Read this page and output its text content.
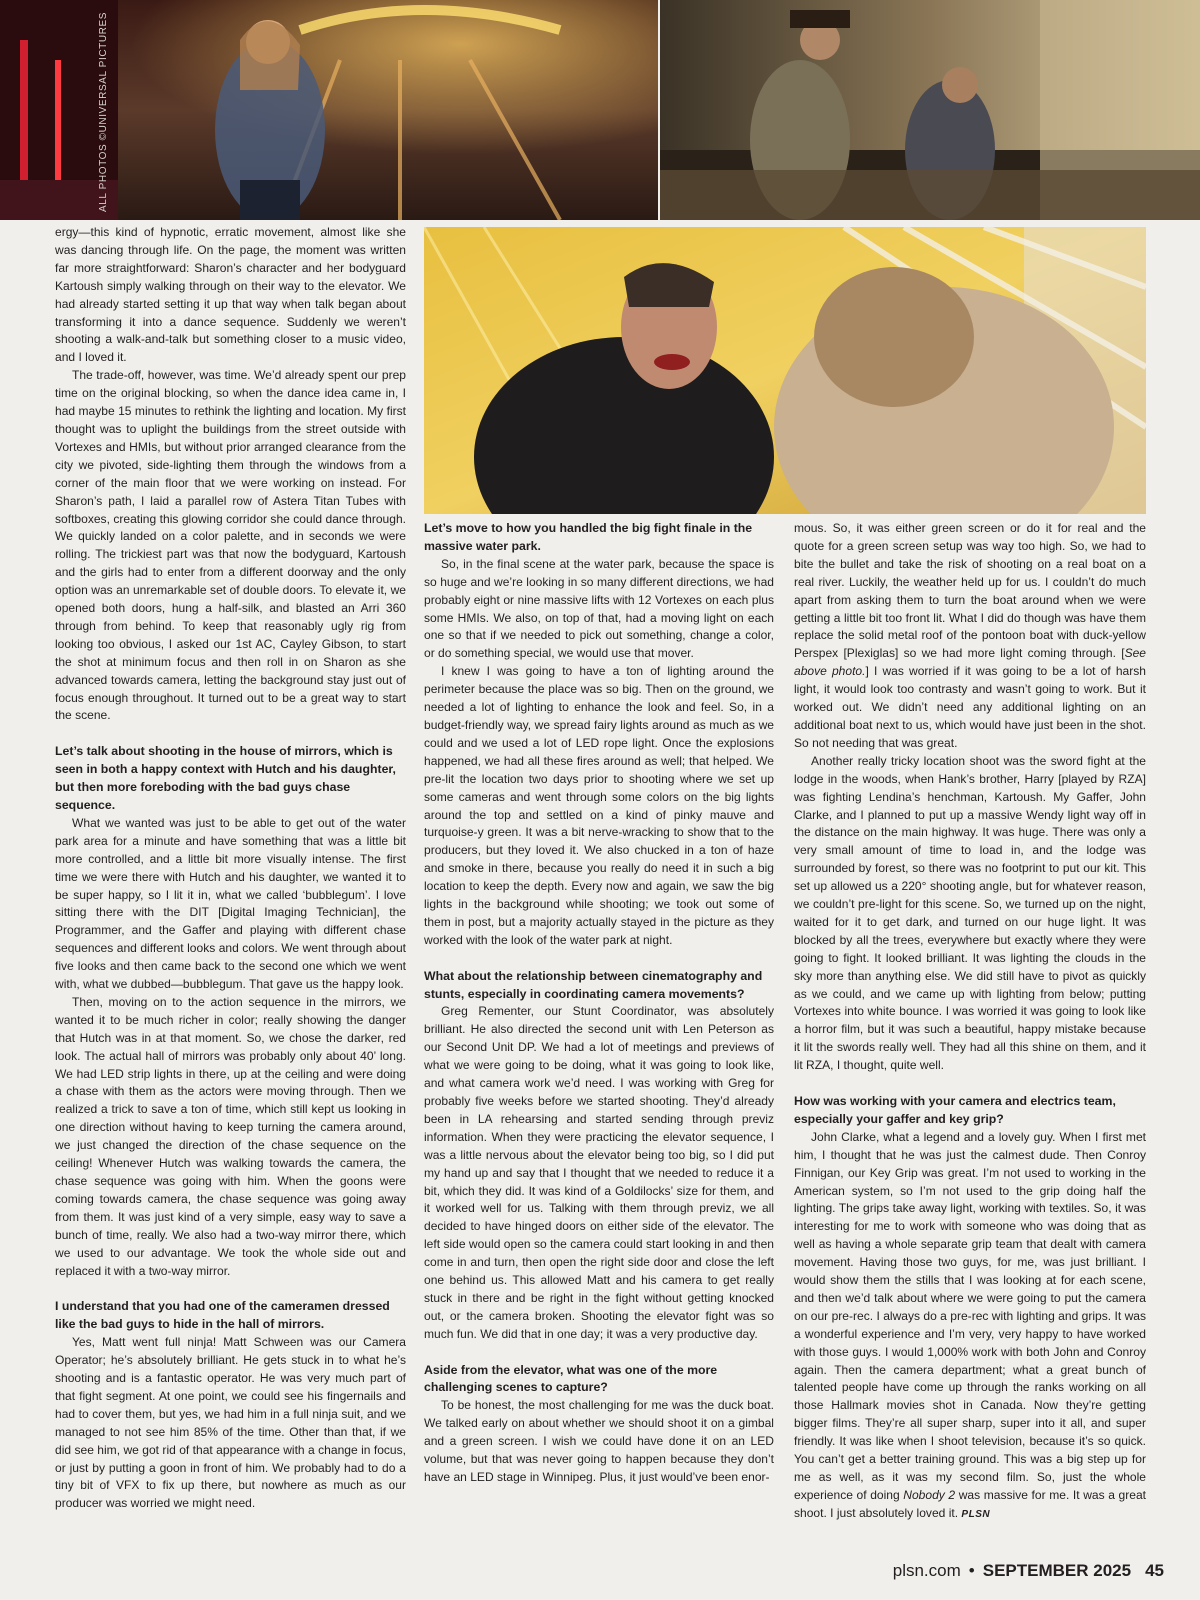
ALL PHOTOS ©UNIVERSAL PICTURES

ergy—this kind of hypnotic, erratic movement, almost like she was dancing through life. On the page, the moment was written far more straightforward: Sharon’s character and her bodyguard Kartoush simply walking through on their way to the elevator. We had already started setting it up that way when talk began about transforming it into a dance sequence. Suddenly we weren’t shooting a walk-and-talk but something closer to a music video, and I loved it.

The trade-off, however, was time. We’d already spent our prep time on the original blocking, so when the dance idea came in, I had maybe 15 minutes to rethink the lighting and location. My first thought was to uplight the buildings from the street outside with Vortexes and HMIs, but without prior arranged clearance from the city we pivoted, side-lighting them through the windows from a corner of the main floor that we were working on instead. For Sharon’s path, I laid a parallel row of Astera Titan Tubes with softboxes, creating this glowing corridor she could dance through. We quickly landed on a color palette, and in seconds we were rolling. The trickiest part was that now the bodyguard, Kartoush and the girls had to enter from a different doorway and the only option was an unremarkable set of double doors. To elevate it, we opened both doors, hung a half-silk, and blasted an Arri 360 through from behind. To keep that reasonably ugly rig from looking too obvious, I asked our 1st AC, Cayley Gibson, to start the shot at minimum focus and then roll in on Sharon as she advanced towards camera, letting the background stay just out of focus enough throughout. It turned out to be a great way to start the scene.

Let’s talk about shooting in the house of mirrors, which is seen in both a happy context with Hutch and his daughter, but then more foreboding with the bad guys chase sequence.

What we wanted was just to be able to get out of the water park area for a minute and have something that was a little bit more controlled, and a little bit more visually intense. The first time we were there with Hutch and his daughter, we wanted it to be super happy, so I lit it in, what we called ‘bubblegum’. I love sitting there with the DIT [Digital Imaging Technician], the Programmer, and the Gaffer and playing with different chase sequences and different looks and colors. We went through about five looks and then came back to the second one which we went with, what we dubbed—bubblegum. That gave us the happy look.

Then, moving on to the action sequence in the mirrors, we wanted it to be much richer in color; really showing the danger that Hutch was in at that moment. So, we chose the darker, red look. The actual hall of mirrors was probably only about 40’ long. We had LED strip lights in there, up at the ceiling and were doing a chase with them as the actors were moving through. Then we realized a trick to save a ton of time, which still kept us looking in one direction without having to keep turning the camera around, we just changed the direction of the chase sequence on the ceiling! Whenever Hutch was walking towards the camera, the chase sequence was going with him. When the goons were coming towards camera, the chase sequence was going away from them. It was just kind of a very simple, easy way to save a bunch of time, really. We also had a two-way mirror there, which we used to our advantage. We took the whole side out and replaced it with a two-way mirror.

I understand that you had one of the cameramen dressed like the bad guys to hide in the hall of mirrors.

Yes, Matt went full ninja! Matt Schween was our Camera Operator; he’s absolutely brilliant. He gets stuck in to what he’s shooting and is a fantastic operator. He was very much part of that fight segment. At one point, we could see his fingernails and had to cover them, but yes, we had him in a full ninja suit, and we managed to not see him 85% of the time. Other than that, if we did see him, we got rid of that appearance with a change in focus, or just by putting a goon in front of him. We probably had to do a tiny bit of VFX to fix up there, but nowhere as much as our producer was worried we might need.

Let’s move to how you handled the big fight finale in the massive water park.

So, in the final scene at the water park, because the space is so huge and we’re looking in so many different directions, we had probably eight or nine massive lifts with 12 Vortexes on each plus some HMIs. We also, on top of that, had a moving light on each one so that if we needed to pick out something, change a color, or do something special, we would use that mover.

I knew I was going to have a ton of lighting around the perimeter because the place was so big. Then on the ground, we needed a lot of lighting to enhance the look and feel. So, in a budget-friendly way, we spread fairy lights around as much as we could and we used a lot of LED rope light. Once the explosions happened, we had all these fires around as well; that helped. We pre-lit the location two days prior to shooting where we set up some cameras and went through some colors on the big lights around the top and settled on a kind of pinky mauve and turquoise-y green. It was a bit nerve-wracking to show that to the producers, but they loved it. We also chucked in a ton of haze and smoke in there, because you really do need it in such a big location to keep the depth. Every now and again, we saw the big lights in the background while shooting; we took out some of them in post, but a majority actually stayed in the picture as they worked with the look of the water park at night.

What about the relationship between cinematography and stunts, especially in coordinating camera movements?

Greg Rementer, our Stunt Coordinator, was absolutely brilliant. He also directed the second unit with Len Peterson as our Second Unit DP. We had a lot of meetings and previews of what we were going to be doing, what it was going to look like, and what camera work we’d need. I was working with Greg for probably five weeks before we started shooting. They’d already been in LA rehearsing and started sending through previz information. When they were practicing the elevator sequence, I was a little nervous about the elevator being too big, so I did put my hand up and say that I thought that we needed to reduce it a bit, which they did. It was kind of a Goldilocks’ size for them, and it worked well for us. Talking with them through previz, we all decided to have hinged doors on either side of the elevator. The left side would open so the camera could start looking in and then come in and turn, then open the right side door and close the left one behind us. This allowed Matt and his camera to get really stuck in there and be right in the fight without getting knocked out, or the camera broken. Shooting the elevator fight was so much fun. We did that in one day; it was a very productive day.

Aside from the elevator, what was one of the more challenging scenes to capture?

To be honest, the most challenging for me was the duck boat. We talked early on about whether we should shoot it on a gimbal and a green screen. I wish we could have done it on an LED volume, but that was never going to happen because they don’t have an LED stage in Winnipeg. Plus, it just would’ve been enor-

mous. So, it was either green screen or do it for real and the quote for a green screen setup was way too high. So, we had to bite the bullet and take the risk of shooting on a real boat on a real river. Luckily, the weather held up for us. I couldn’t do much apart from asking them to turn the boat around when we were getting a little bit too front lit. What I did do though was have them replace the solid metal roof of the pontoon boat with duck-yellow Perspex [Plexiglas] so we had more light coming through. [See above photo.] I was worried if it was going to be a lot of harsh light, it would look too contrasty and wasn’t going to work. But it worked out. We didn’t need any additional lighting on an additional boat next to us, which would have just been in the shot. So not needing that was great.

Another really tricky location shoot was the sword fight at the lodge in the woods, when Hank’s brother, Harry [played by RZA] was fighting Lendina’s henchman, Kartoush. My Gaffer, John Clarke, and I planned to put up a massive Wendy light way off in the distance on the main highway. It was huge. There was only a very small amount of time to load in, and the lodge was surrounded by forest, so there was no footprint to put our kit. This set up allowed us a 220° shooting angle, but for whatever reason, we couldn’t pre-light for this scene. So, we turned up on the night, waited for it to get dark, and turned on our huge light. It was blocked by all the trees, everywhere but exactly where they were going to fight. It looked brilliant. It was lighting the clouds in the sky more than anything else. We did still have to pivot as quickly as we could, and we came up with lighting from below; putting Vortexes into white bounce. I was worried it was going to look like a horror film, but it was such a beautiful, happy mistake because it lit the swords really well. They had all this shine on them, and it lit RZA, I thought, quite well.

How was working with your camera and electrics team, especially your gaffer and key grip?

John Clarke, what a legend and a lovely guy. When I first met him, I thought that he was just the calmest dude. Then Conroy Finnigan, our Key Grip was great. I’m not used to working in the American system, so I’m not used to the grip doing half the lighting. The grips take away light, working with textiles. So, it was interesting for me to work with someone who was doing that as well as having a whole separate grip team that dealt with camera movement. Having those two guys, for me, was just brilliant. I would show them the stills that I was looking at for each scene, and then we’d talk about where we were going to put the camera on our pre-rec. I always do a pre-rec with lighting and grips. It was a wonderful experience and I’m very, very happy to have worked with those guys. I would 1,000% work with both John and Conroy again. Then the camera department; what a great bunch of talented people have come up through the ranks working on all those Hallmark movies shot in Canada. Now they’re getting bigger films. They’re all super sharp, super into it all, and super friendly. It was like when I shoot television, because it’s so quick. You can’t get a better training ground. This was a big step up for me as well, as it was my second film. So, just the whole experience of doing Nobody 2 was massive for me. It was a great shoot. I just absolutely loved it. PLSN

plsn.com • SEPTEMBER 2025 45
